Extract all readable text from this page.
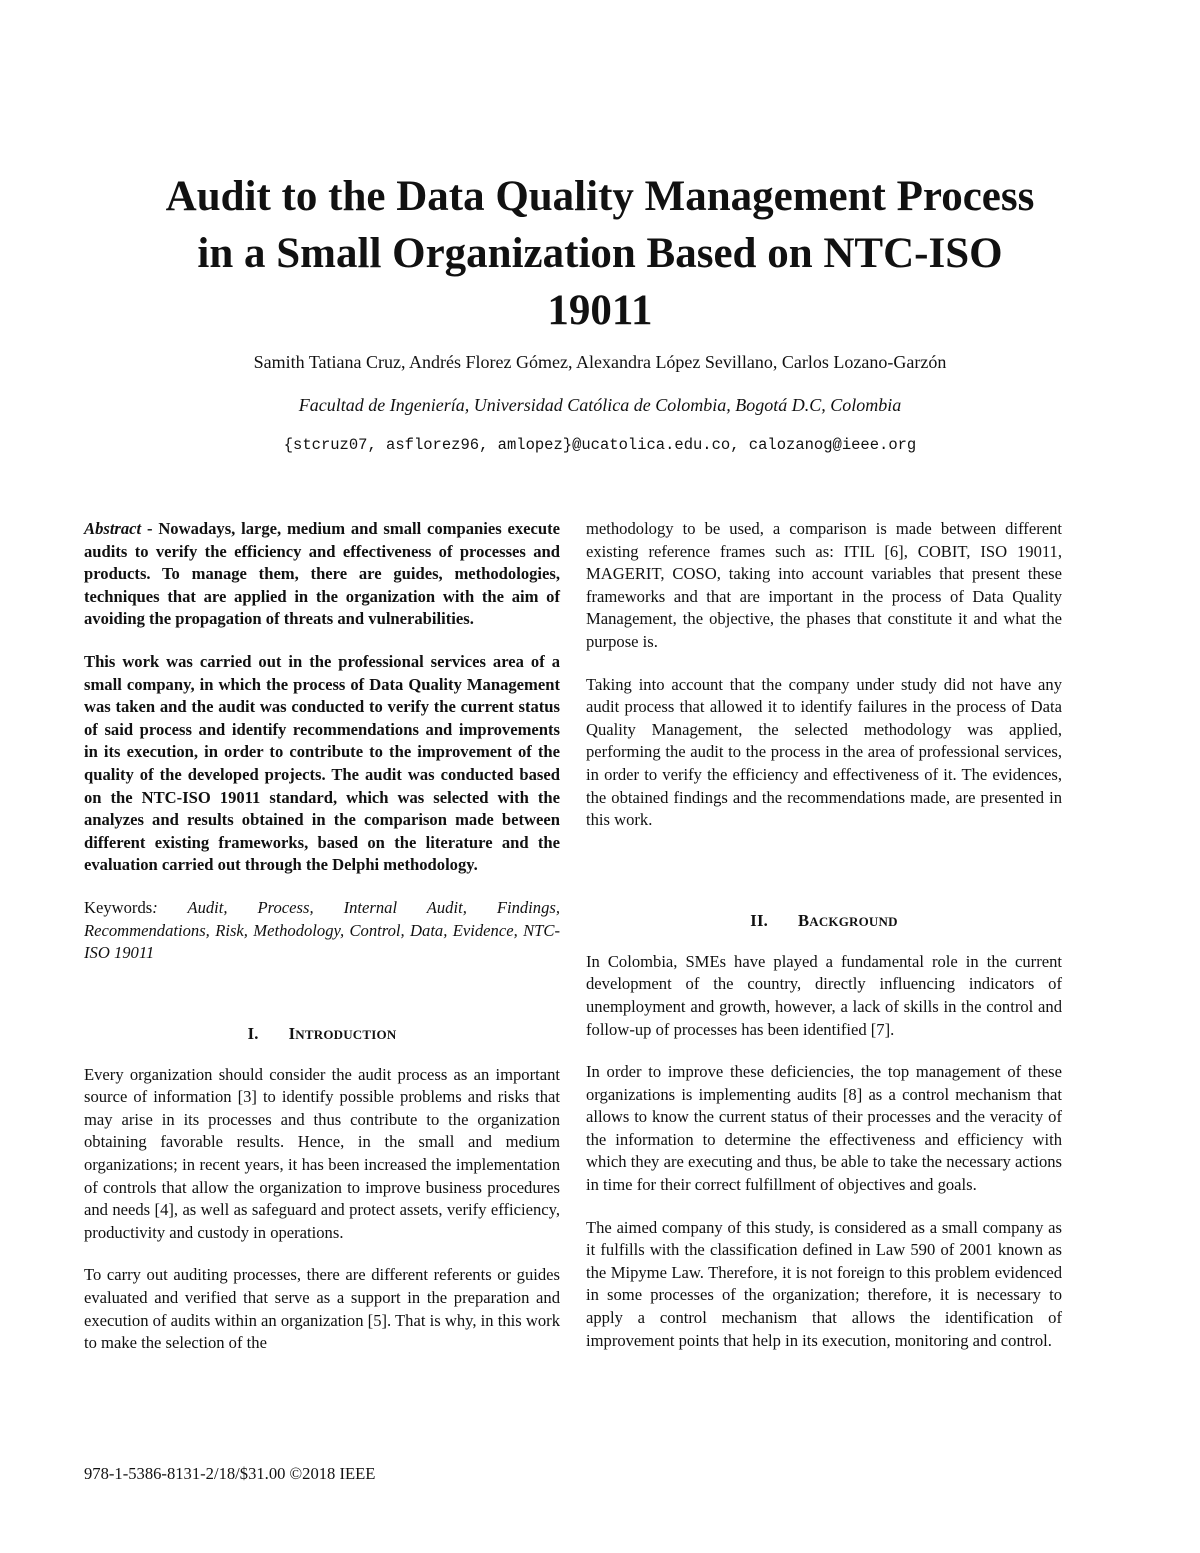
Audit to the Data Quality Management Process
in a Small Organization Based on NTC-ISO
19011
Samith Tatiana Cruz, Andrés Florez Gómez, Alexandra López Sevillano, Carlos Lozano-Garzón
Facultad de Ingeniería, Universidad Católica de Colombia, Bogotá D.C, Colombia
{stcruz07, asflorez96, amlopez}@ucatolica.edu.co, calozanog@ieee.org

Abstract - Nowadays, large, medium and small companies execute audits to verify the efficiency and effectiveness of processes and products. To manage them, there are guides, methodologies, techniques that are applied in the organization with the aim of avoiding the propagation of threats and vulnerabilities.

This work was carried out in the professional services area of a small company, in which the process of Data Quality Management was taken and the audit was conducted to verify the current status of said process and identify recommendations and improvements in its execution, in order to contribute to the improvement of the quality of the developed projects. The audit was conducted based on the NTC-ISO 19011 standard, which was selected with the analyzes and results obtained in the comparison made between different existing frameworks, based on the literature and the evaluation carried out through the Delphi methodology.

Keywords: Audit, Process, Internal Audit, Findings, Recommendations, Risk, Methodology, Control, Data, Evidence, NTC-ISO 19011

I. INTRODUCTION

Every organization should consider the audit process as an important source of information [3] to identify possible problems and risks that may arise in its processes and thus contribute to the organization obtaining favorable results. Hence, in the small and medium organizations; in recent years, it has been increased the implementation of controls that allow the organization to improve business procedures and needs [4], as well as safeguard and protect assets, verify efficiency, productivity and custody in operations.

To carry out auditing processes, there are different referents or guides evaluated and verified that serve as a support in the preparation and execution of audits within an organization [5]. That is why, in this work to make the selection of the

methodology to be used, a comparison is made between different existing reference frames such as: ITIL [6], COBIT, ISO 19011, MAGERIT, COSO, taking into account variables that present these frameworks and that are important in the process of Data Quality Management, the objective, the phases that constitute it and what the purpose is.

Taking into account that the company under study did not have any audit process that allowed it to identify failures in the process of Data Quality Management, the selected methodology was applied, performing the audit to the process in the area of professional services, in order to verify the efficiency and effectiveness of it. The evidences, the obtained findings and the recommendations made, are presented in this work.

II. BACKGROUND

In Colombia, SMEs have played a fundamental role in the current development of the country, directly influencing indicators of unemployment and growth, however, a lack of skills in the control and follow-up of processes has been identified [7].

In order to improve these deficiencies, the top management of these organizations is implementing audits [8] as a control mechanism that allows to know the current status of their processes and the veracity of the information to determine the effectiveness and efficiency with which they are executing and thus, be able to take the necessary actions in time for their correct fulfillment of objectives and goals.

The aimed company of this study, is considered as a small company as it fulfills with the classification defined in Law 590 of 2001 known as the Mipyme Law. Therefore, it is not foreign to this problem evidenced in some processes of the organization; therefore, it is necessary to apply a control mechanism that allows the identification of improvement points that help in its execution, monitoring and control.

978-1-5386-8131-2/18/$31.00 ©2018 IEEE
